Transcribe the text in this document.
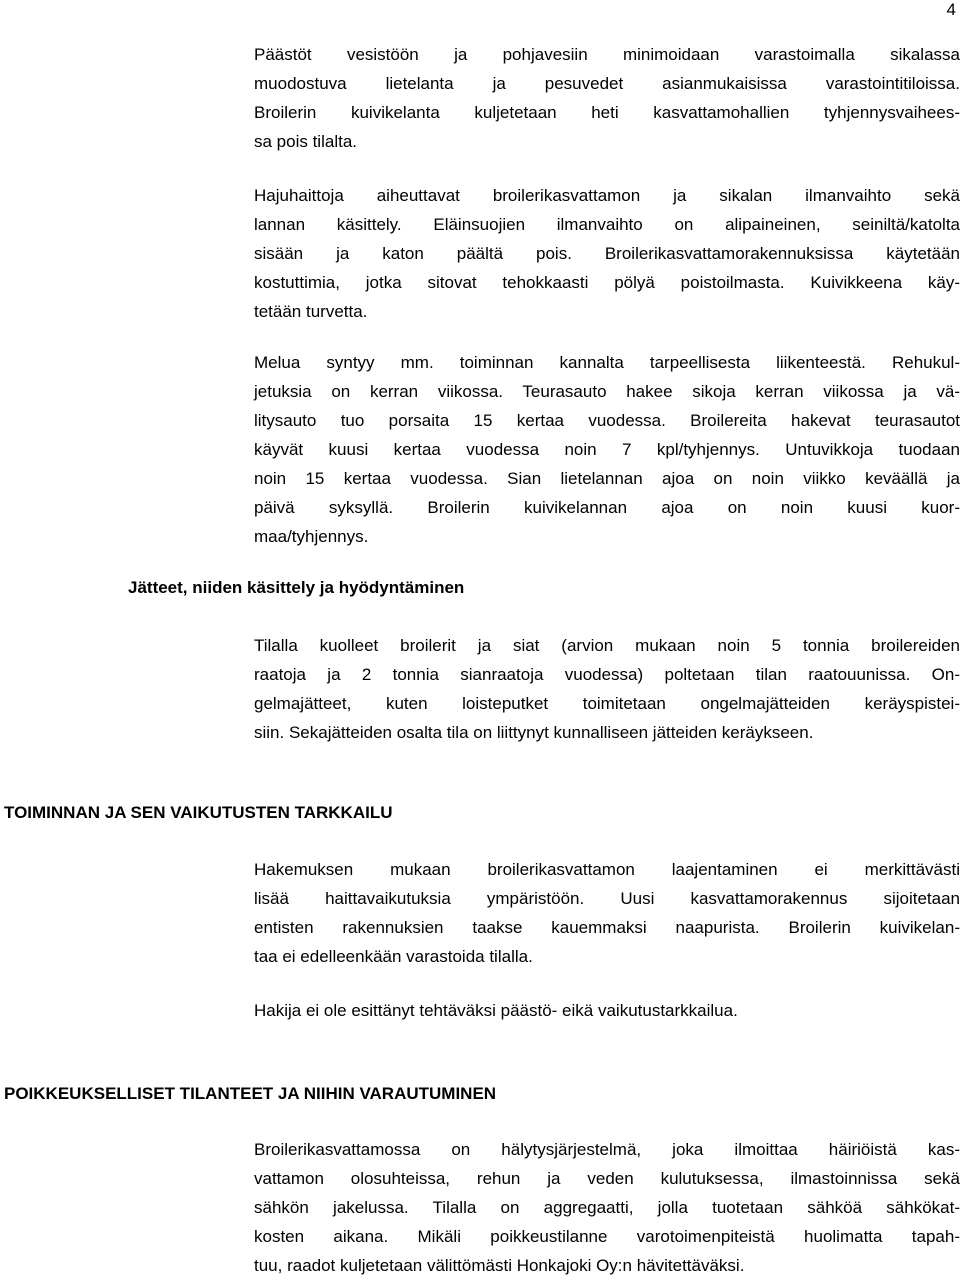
4
Päästöt vesistöön ja pohjavesiin minimoidaan varastoimalla sikalassa
muodostuva lietelanta ja pesuvedet asianmukaisissa varastointitiloissa.
Broilerin kuivikelanta kuljetetaan heti kasvattamohallien tyhjennysvaihees-
sa pois tilalta.
Hajuhaittoja aiheuttavat broilerikasvattamon ja sikalan ilmanvaihto sekä
lannan käsittely. Eläinsuojien ilmanvaihto on alipaineinen, seiniltä/katolta
sisään ja katon päältä pois. Broilerikasvattamorakennuksissa käytetään
kostuttimia, jotka sitovat tehokkaasti pölyä poistoilmasta. Kuivikkeena käy-
tetään turvetta.
Melua syntyy mm. toiminnan kannalta tarpeellisesta liikenteestä. Rehukul-
jetuksia on kerran viikossa. Teurasauto hakee sikoja kerran viikossa ja vä-
litysauto tuo porsaita 15 kertaa vuodessa. Broilereita hakevat teurasautot
käyvät kuusi kertaa vuodessa noin 7 kpl/tyhjennys. Untuvikkoja tuodaan
noin 15 kertaa vuodessa. Sian lietelannan ajoa on noin viikko keväällä ja
päivä syksyllä. Broilerin kuivikelannan ajoa on noin kuusi kuor-
maa/tyhjennys.
Jätteet, niiden käsittely ja hyödyntäminen
Tilalla kuolleet broilerit ja siat (arvion mukaan noin 5 tonnia broilereiden
raatoja ja 2 tonnia sianraatoja vuodessa) poltetaan tilan raatouunissa. On-
gelmajätteet, kuten loisteputket toimitetaan ongelmajätteiden keräyspistei-
siin. Sekajätteiden osalta tila on liittynyt kunnalliseen jätteiden keräykseen.
TOIMINNAN JA SEN VAIKUTUSTEN TARKKAILU
Hakemuksen mukaan broilerikasvattamon laajentaminen ei merkittävästi
lisää haittavaikutuksia ympäristöön. Uusi kasvattamorakennus sijoitetaan
entisten rakennuksien taakse kauemmaksi naapurista. Broilerin kuivikelan-
taa ei edelleenkään varastoida tilalla.
Hakija ei ole esittänyt tehtäväksi päästö- eikä vaikutustarkkailua.
POIKKEUKSELLISET TILANTEET JA NIIHIN VARAUTUMINEN
Broilerikasvattamossa on hälytysjärjestelmä, joka ilmoittaa häiriöistä kas-
vattamon olosuhteissa, rehun ja veden kulutuksessa, ilmastoinnissa sekä
sähkön jakelussa. Tilalla on aggregaatti, jolla tuotetaan sähköä sähkökat-
kosten aikana. Mikäli poikkeustilanne varotoimenpiteistä huolimatta tapah-
tuu, raadot kuljetetaan välittömästi Honkajoki Oy:n hävitettäväksi.
